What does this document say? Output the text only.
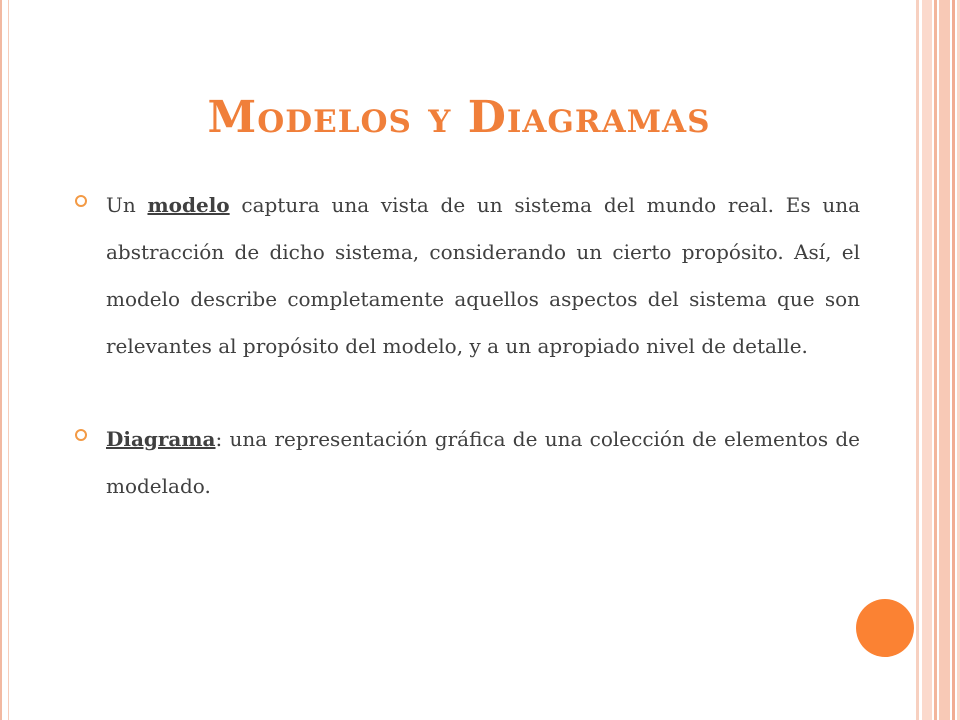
Modelos y Diagramas
Un modelo captura una vista de un sistema del mundo real. Es una abstracción de dicho sistema, considerando un cierto propósito. Así, el modelo describe completamente aquellos aspectos del sistema que son relevantes al propósito del modelo, y a un apropiado nivel de detalle.
Diagrama: una representación gráfica de una colección de elementos de modelado.
